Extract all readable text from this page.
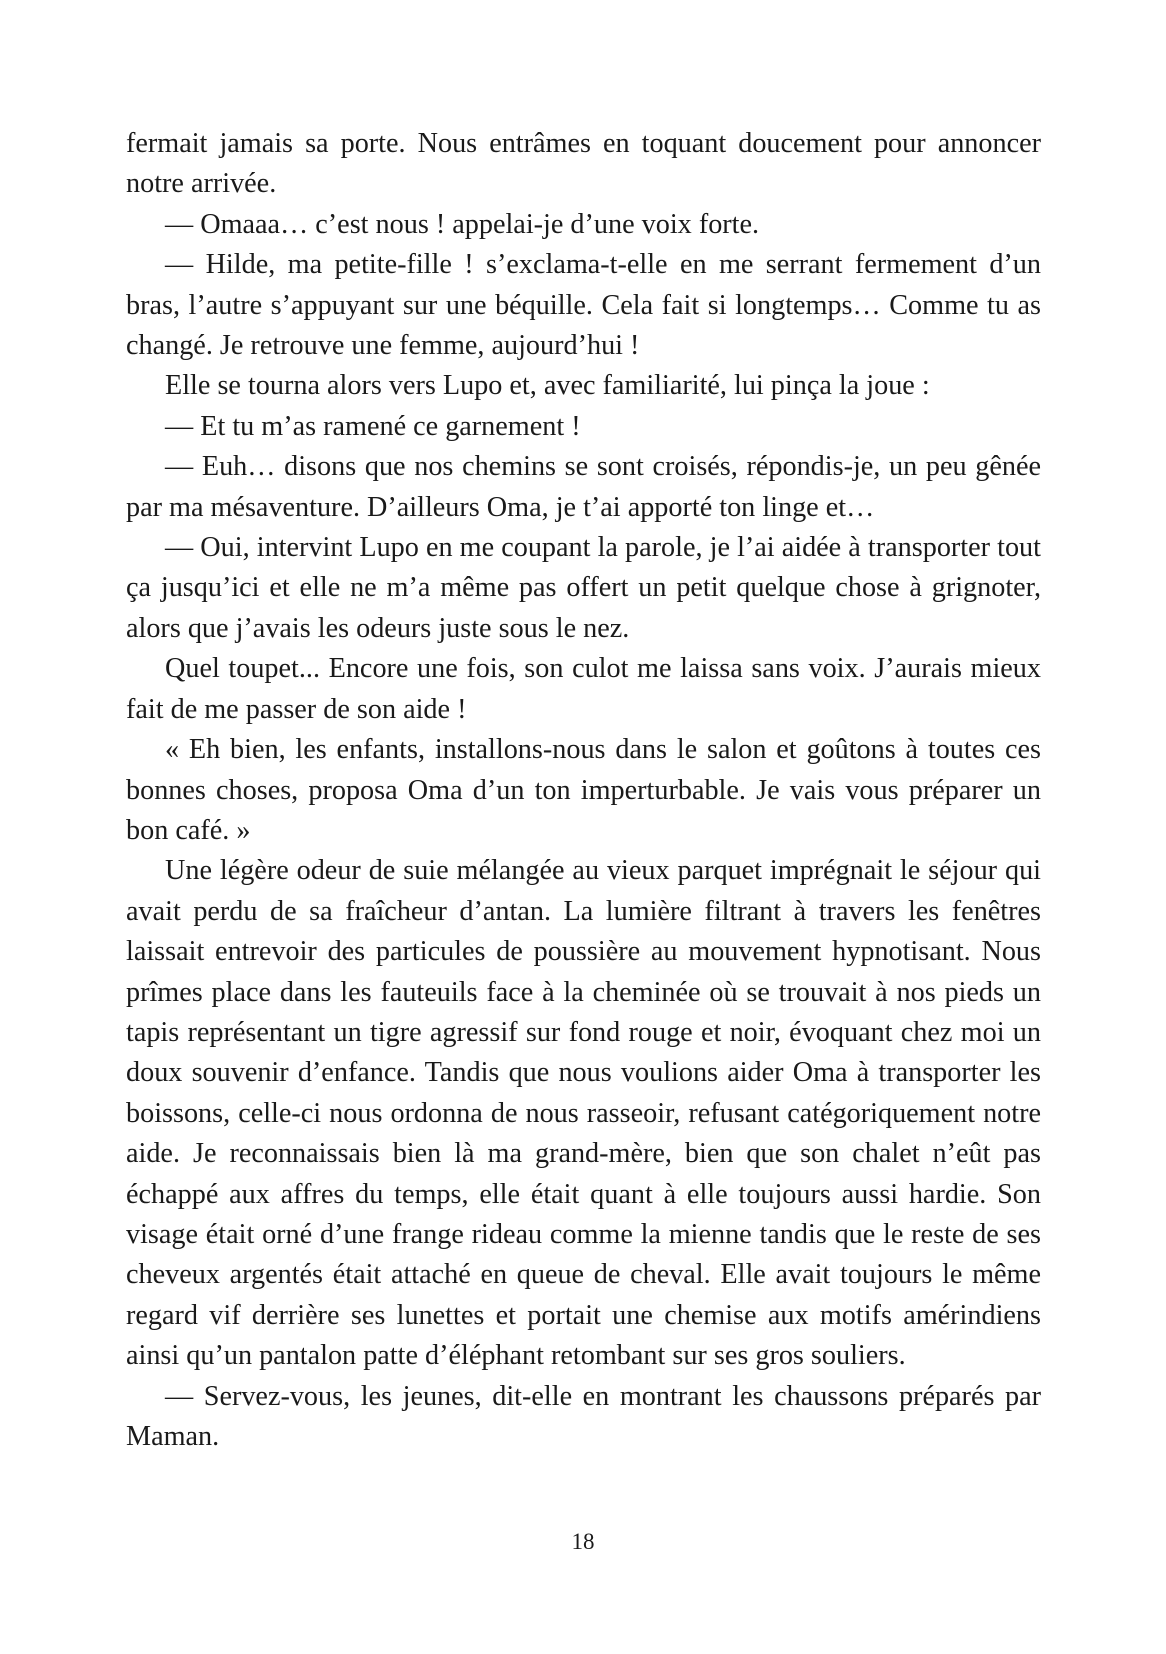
fermait jamais sa porte. Nous entrâmes en toquant doucement pour annoncer notre arrivée.

— Omaaa… c’est nous ! appelai-je d’une voix forte.

— Hilde, ma petite-fille ! s’exclama-t-elle en me serrant fermement d’un bras, l’autre s’appuyant sur une béquille. Cela fait si longtemps… Comme tu as changé. Je retrouve une femme, aujourd’hui !

Elle se tourna alors vers Lupo et, avec familiarité, lui pinça la joue :

— Et tu m’as ramené ce garnement !

— Euh… disons que nos chemins se sont croisés, répondis-je, un peu gênée par ma mésaventure. D’ailleurs Oma, je t’ai apporté ton linge et…

— Oui, intervint Lupo en me coupant la parole, je l’ai aidée à transporter tout ça jusqu’ici et elle ne m’a même pas offert un petit quelque chose à grignoter, alors que j’avais les odeurs juste sous le nez.

Quel toupet... Encore une fois, son culot me laissa sans voix. J’aurais mieux fait de me passer de son aide !

« Eh bien, les enfants, installons-nous dans le salon et goûtons à toutes ces bonnes choses, proposa Oma d’un ton imperturbable. Je vais vous préparer un bon café. »

Une légère odeur de suie mélangée au vieux parquet imprégnait le séjour qui avait perdu de sa fraîcheur d’antan. La lumière filtrant à travers les fenêtres laissait entrevoir des particules de poussière au mouvement hypnotisant. Nous prîmes place dans les fauteuils face à la cheminée où se trouvait à nos pieds un tapis représentant un tigre agressif sur fond rouge et noir, évoquant chez moi un doux souvenir d’enfance. Tandis que nous voulions aider Oma à transporter les boissons, celle-ci nous ordonna de nous rasseoir, refusant catégoriquement notre aide. Je reconnaissais bien là ma grand-mère, bien que son chalet n’eût pas échappé aux affres du temps, elle était quant à elle toujours aussi hardie. Son visage était orné d’une frange rideau comme la mienne tandis que le reste de ses cheveux argentés était attaché en queue de cheval. Elle avait toujours le même regard vif derrière ses lunettes et portait une chemise aux motifs amérindiens ainsi qu’un pantalon patte d’éléphant retombant sur ses gros souliers.

— Servez-vous, les jeunes, dit-elle en montrant les chaussons préparés par Maman.

18
